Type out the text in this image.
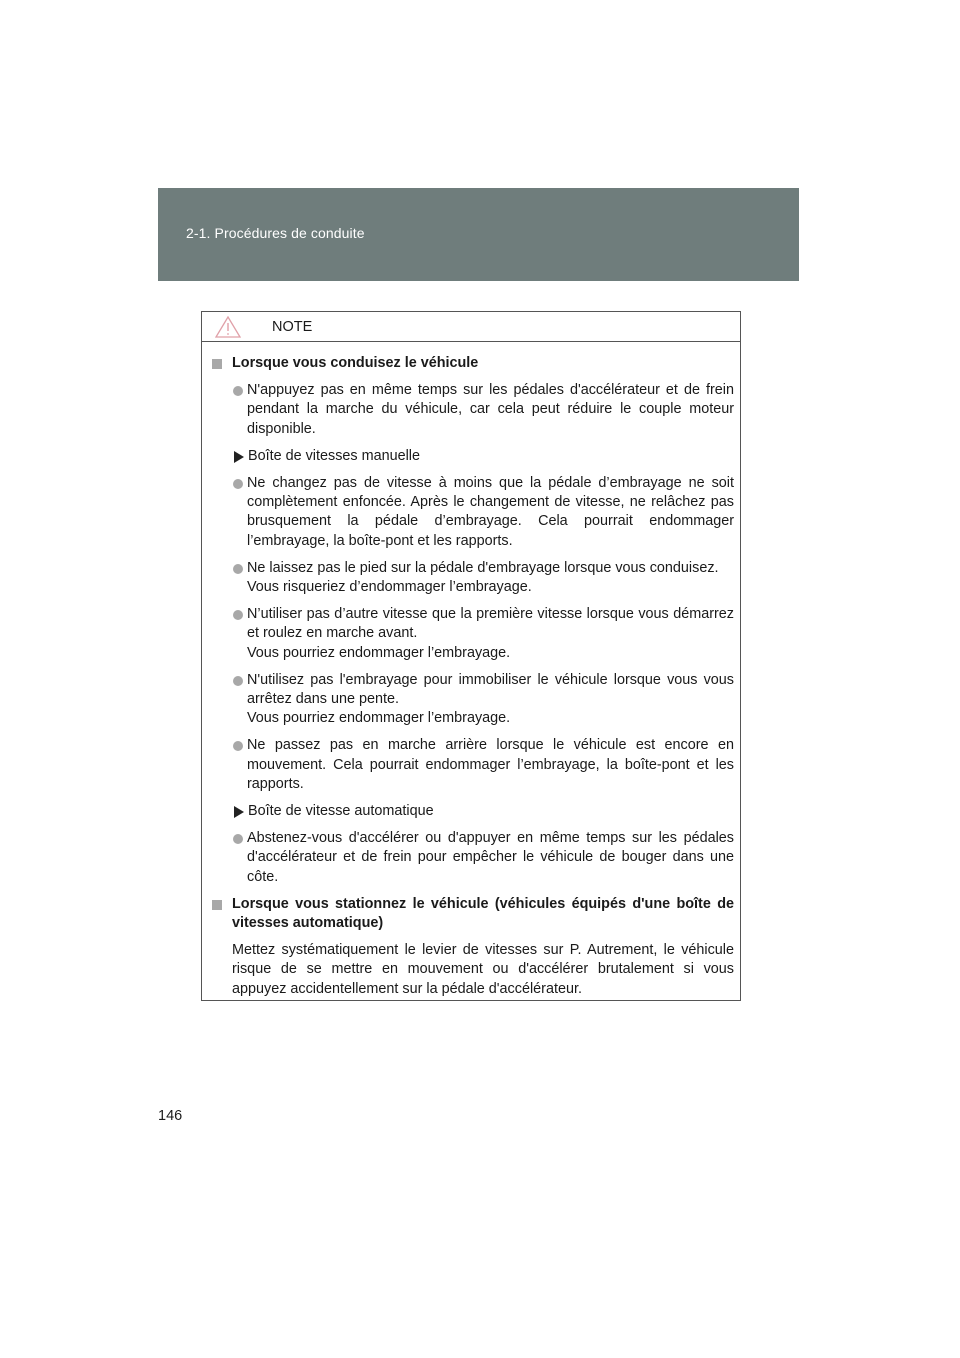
2-1. Procédures de conduite
NOTE
Lorsque vous conduisez le véhicule
N'appuyez pas en même temps sur les pédales d'accélérateur et de frein pendant la marche du véhicule, car cela peut réduire le couple moteur disponible.
Boîte de vitesses manuelle
Ne changez pas de vitesse à moins que la pédale d’embrayage ne soit complètement enfoncée. Après le changement de vitesse, ne relâchez pas brusquement la pédale d’embrayage. Cela pourrait endommager l’embrayage, la boîte-pont et les rapports.
Ne laissez pas le pied sur la pédale d'embrayage lorsque vous conduisez.
Vous risqueriez d’endommager l’embrayage.
N’utiliser pas d’autre vitesse que la première vitesse lorsque vous démarrez et roulez en marche avant.
Vous pourriez endommager l’embrayage.
N'utilisez pas l'embrayage pour immobiliser le véhicule lorsque vous vous arrêtez dans une pente.
Vous pourriez endommager l’embrayage.
Ne passez pas en marche arrière lorsque le véhicule est encore en mouvement. Cela pourrait endommager l’embrayage, la boîte-pont et les rapports.
Boîte de vitesse automatique
Abstenez-vous d'accélérer ou d'appuyer en même temps sur les pédales d'accélérateur et de frein pour empêcher le véhicule de bouger dans une côte.
Lorsque vous stationnez le véhicule (véhicules équipés d'une boîte de vitesses automatique)
Mettez systématiquement le levier de vitesses sur P. Autrement, le véhicule risque de se mettre en mouvement ou d'accélérer brutalement si vous appuyez accidentellement sur la pédale d'accélérateur.
146
